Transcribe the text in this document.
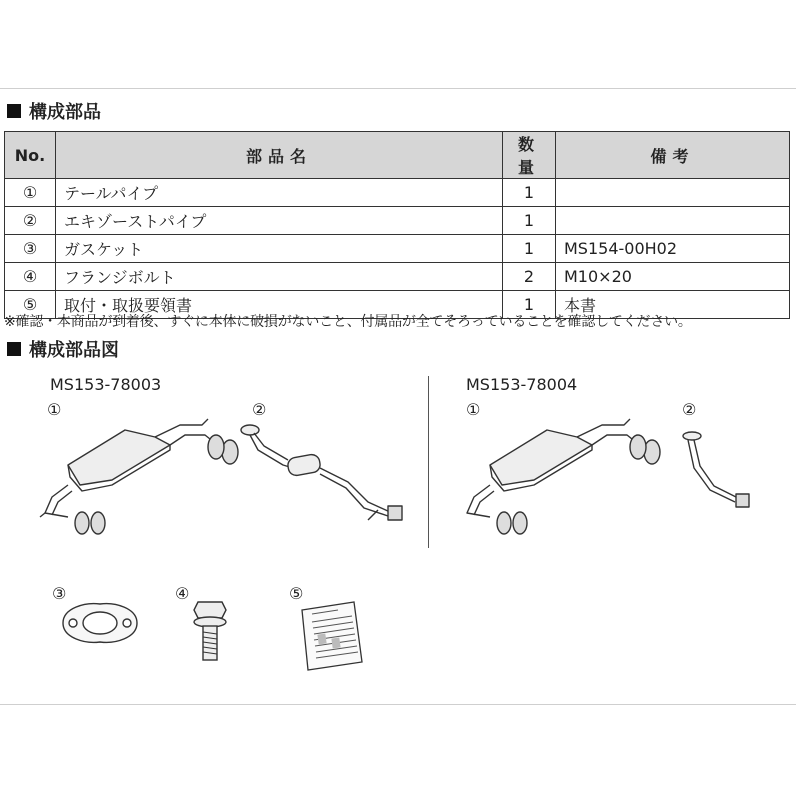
構成部品
No.	部品名	数量	備考
①	テールパイプ	1	
②	エキゾーストパイプ	1	
③	ガスケット	1	MS154-00H02
④	フランジボルト	2	M10×20
⑤	取付・取扱要領書	1	本書
※確認・本商品が到着後、すぐに本体に破損がないこと、付属品が全てそろっていることを確認してください。
構成部品図
MS153-78003	MS153-78004
①	②	①	②
③	④	⑤
